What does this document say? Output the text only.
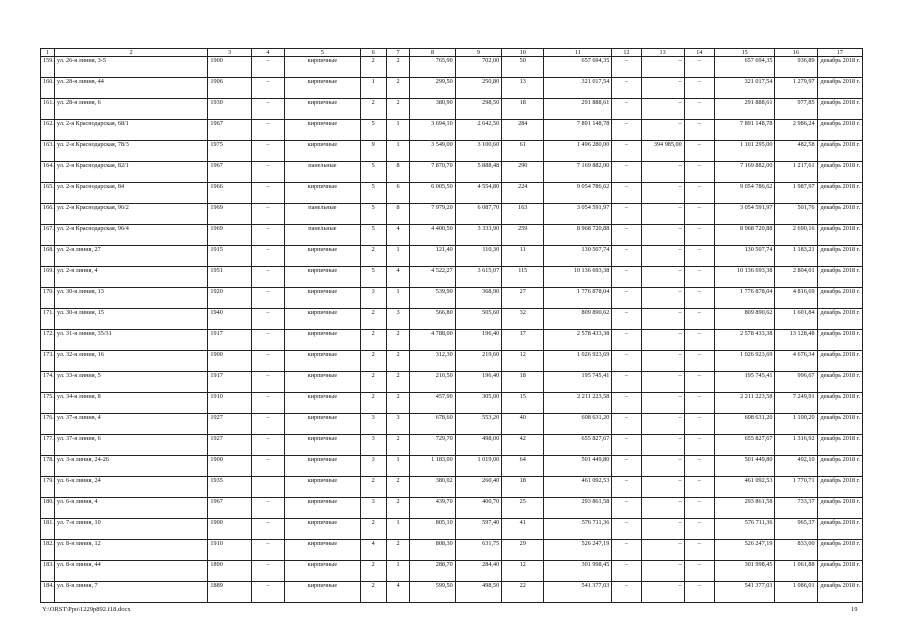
1	2	3	4	5	6	7	8	9	10	11	12	13	14	15	16	17
159.	ул. 26-я линия, 3-5	1900	–	кирпичные	2	2	765,90	702,00	50	657 694,35	–	–	–	657 694,35	936,89	декабрь 2018 г.
160.	ул. 28-я линия, 44	1906	–	кирпичные	1	2	299,50	250,80	13	321 017,54	–	–	–	321 017,54	1 279,97	декабрь 2018 г.
161.	ул. 28-я линия, 6	1930	–	кирпичные	2	2	380,90	298,50	18	291 888,61	–	–	–	291 888,61	977,85	декабрь 2018 г.
162.	ул. 2-я Краснодарская, 68/1	1967	–	кирпичные	5	1	3 694,10	2 642,50	284	7 891 148,78	–	–	–	7 891 148,78	2 986,24	декабрь 2018 г.
163.	ул. 2-я Краснодарская, 78/3	1975	–	кирпичные	9	1	3 549,00	3 100,60	61	1 496 280,00	–	394 985,00	–	1 101 295,00	482,58	декабрь 2018 г.
164.	ул. 2-я Краснодарская, 82/1	1967	–	панельные	5	8	7 870,70	5 888,48	290	7 169 882,00	–	–	–	7 169 882,00	1 217,61	декабрь 2018 г.
165.	ул. 2-я Краснодарская, 84	1966	–	кирпичные	5	6	6 005,50	4 554,80	224	9 054 786,62	–	–	–	9 054 786,62	1 987,97	декабрь 2018 г.
166.	ул. 2-я Краснодарская, 96/2	1969	–	панельные	5	8	7 979,20	6 087,70	163	3 054 591,97	–	–	–	3 054 591,97	501,76	декабрь 2018 г.
167.	ул. 2-я Краснодарская, 96/4	1969	–	панельные	5	4	4 400,50	3 333,90	259	8 968 720,88	–	–	–	8 968 720,88	2 690,16	декабрь 2018 г.
168.	ул. 2-я линия, 27	1915	–	кирпичные	2	1	121,40	110,30	11	130 507,74	–	–	–	130 507,74	1 183,21	декабрь 2018 г.
169.	ул. 2-я линия, 4	1951	–	кирпичные	5	4	4 522,27	3 615,07	115	10 136 693,38	–	–	–	10 136 693,38	2 804,01	декабрь 2018 г.
170.	ул. 30-я линия, 13	1920	–	кирпичные	3	1	539,90	368,90	27	1 776 878,04	–	–	–	1 776 878,04	4 816,69	декабрь 2018 г.
171.	ул. 30-я линия, 15	1940	–	кирпичные	2	3	566,80	505,60	32	809 890,62	–	–	–	809 890,62	1 601,84	декабрь 2018 г.
172.	ул. 31-я линия, 35/31	1917	–	кирпичные	2	2	4 788,00	196,40	17	2 578 433,38	–	–	–	2 578 433,38	13 128,48	декабрь 2018 г.
173.	ул. 32-я линия, 16	1900	–	кирпичные	2	2	312,30	219,60	12	1 026 923,69	–	–	–	1 026 923,69	4 676,34	декабрь 2018 г.
174.	ул. 33-я линия, 5	1917	–	кирпичные	2	2	210,50	196,40	18	195 745,41	–	–	–	195 745,41	996,67	декабрь 2018 г.
175.	ул. 34-я линия, 8	1910	–	кирпичные	2	2	457,90	305,00	15	2 211 223,58	–	–	–	2 211 223,58	7 249,91	декабрь 2018 г.
176.	ул. 37-я линия, 4	1927	–	кирпичные	3	3	678,60	553,20	40	608 631,20	–	–	–	608 631,20	1 100,20	декабрь 2018 г.
177.	ул. 37-я линия, 6	1927	–	кирпичные	3	2	729,70	498,00	42	655 827,67	–	–	–	655 827,67	1 316,92	декабрь 2018 г.
178.	ул. 3-я линия, 24-26	1900	–	кирпичные	3	1	1 183,00	1 019,00	64	501 449,80	–	–	–	501 449,80	492,10	декабрь 2018 г.
179.	ул. 6-я линия, 24	1935		кирпичные	2	2	380,02	260,40	18	461 092,53	–	–	–	461 092,53	1 770,71	декабрь 2018 г.
180.	ул. 6-я линия, 4	1967	–	кирпичные	3	2	439,70	400,70	25	293 861,58	–	–	–	293 861,58	733,37	декабрь 2018 г.
181.	ул. 7-я линия, 10	1900	–	кирпичные	2	1	805,10	597,40	41	576 711,36	–	–	–	576 711,36	965,37	декабрь 2018 г.
182.	ул. 8-я линия, 12	1910	–	кирпичные	4	2	808,30	631,75	29	526 247,19	–	–	–	526 247,19	833,00	декабрь 2018 г.
183.	ул. 8-я линия, 44	1890	–	кирпичные	2	1	288,70	284,40	12	301 998,45	–	–	–	301 998,45	1 061,88	декабрь 2018 г.
184.	ул. 8-я линия, 7	1889	–	кирпичные	2	4	599,50	498,50	22	541 377,03	–	–	–	541 377,03	1 086,01	декабрь 2018 г.
Y:\ORST\Ppo\1229p892.f18.docx	19
